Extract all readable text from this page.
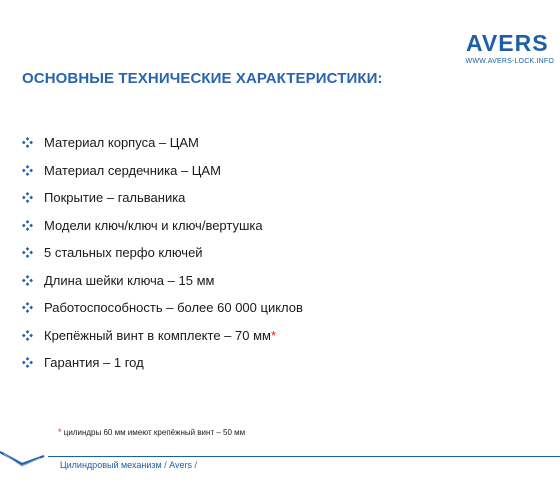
AVERS
WWW.AVERS-LOCK.INFO
ОСНОВНЫЕ ТЕХНИЧЕСКИЕ ХАРАКТЕРИСТИКИ:
Материал корпуса – ЦАМ
Материал сердечника – ЦАМ
Покрытие – гальваника
Модели ключ/ключ и ключ/вертушка
5 стальных перфо ключей
Длина шейки ключа – 15 мм
Работоспособность – более 60 000 циклов
Крепёжный винт в комплекте – 70 мм *
Гарантия – 1 год
* цилиндры 60 мм имеют крепёжный винт – 50 мм
Цилиндровый механизм / Avers /
